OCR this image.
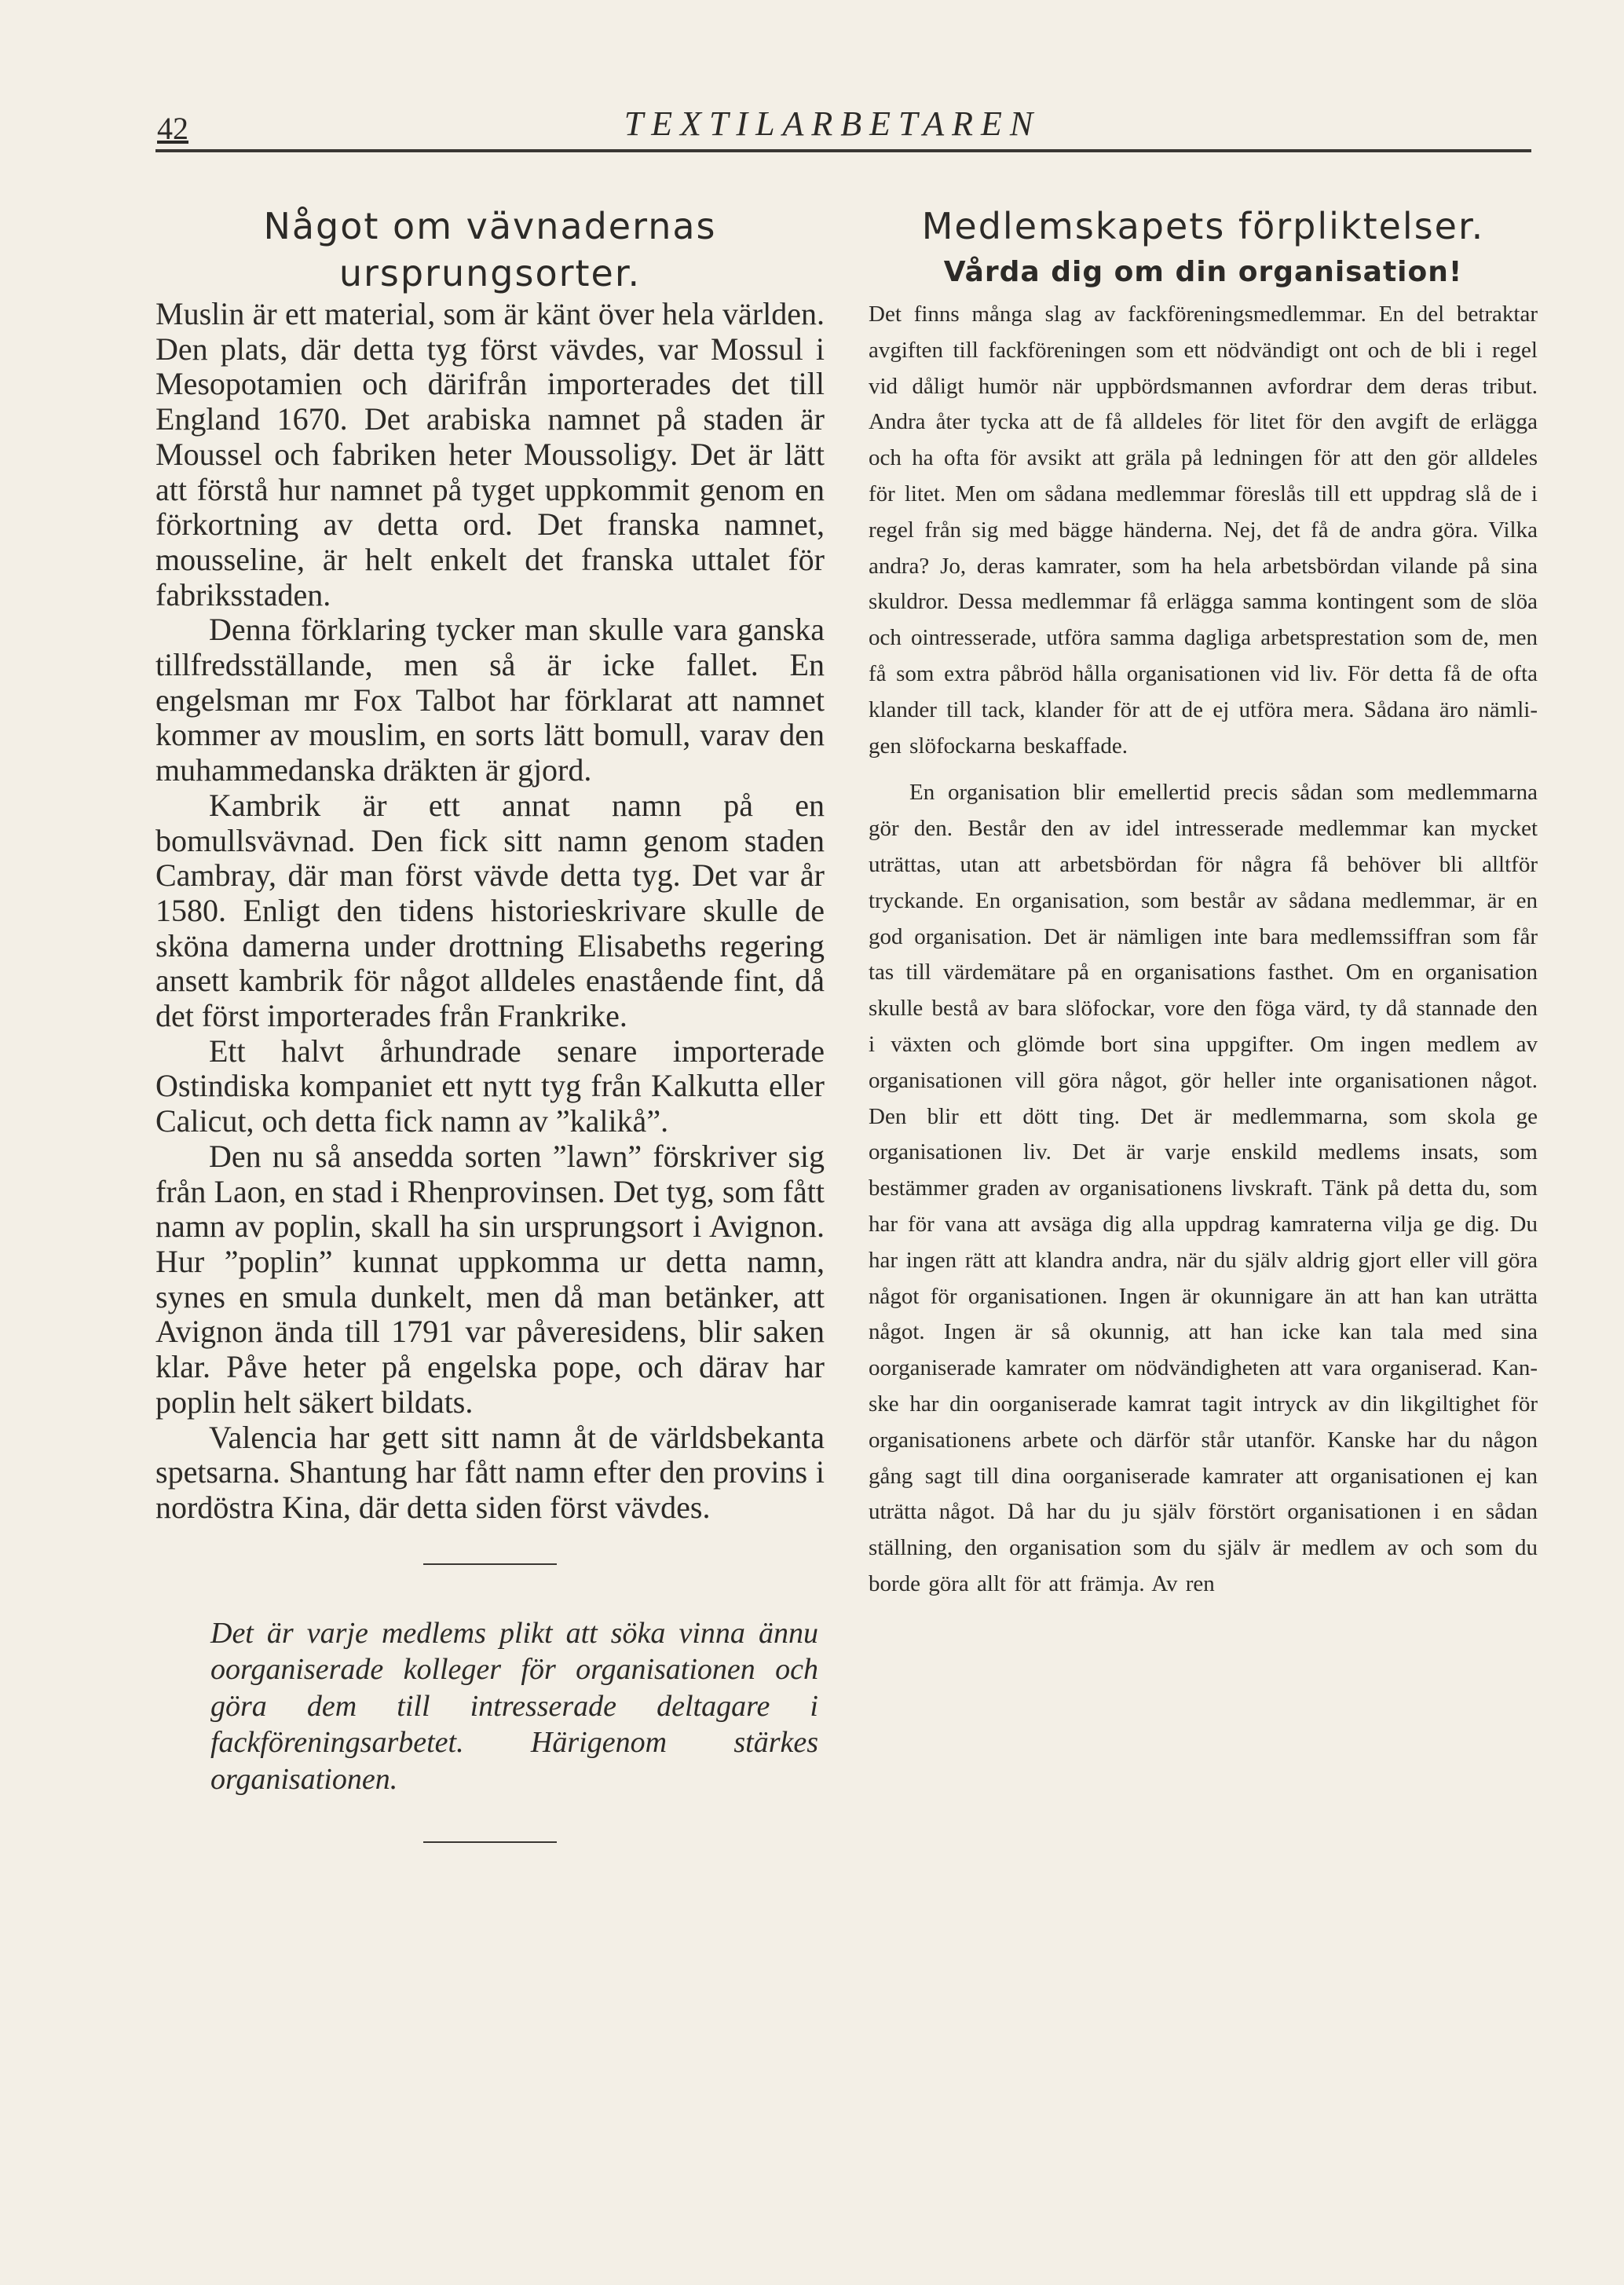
42	TEXTILARBETAREN
Något om vävnadernas ursprungsorter.

Muslin är ett material, som är känt över hela världen. Den plats, där detta tyg först vävdes, var Mossul i Mesopotamien och därifrån importerades det till England 1670. Det arabiska namnet på staden är Moussel och fabriken heter Moussoligy. Det är lätt att förstå hur namnet på tyget uppkommit genom en förkortning av detta ord. Det franska namnet, mousseline, är helt enkelt det franska uttalet för fabriksstaden.

Denna förklaring tycker man skulle vara ganska tillfredsställande, men så är icke fallet. En engelsman mr Fox Talbot har förklarat att namnet kommer av mouslim, en sorts lätt bomull, varav den muhammedanska dräkten är gjord.

Kambrik är ett annat namn på en bomullsvävnad. Den fick sitt namn genom staden Cambray, där man först vävde detta tyg. Det var år 1580. Enligt den tidens historieskrivare skulle de sköna damerna under drottning Elisabeths regering ansett kambrik för något alldeles enastående fint, då det först importerades från Frankrike.

Ett halvt århundrade senare importerade Ostindiska kompaniet ett nytt tyg från Kalkutta eller Calicut, och detta fick namn av ”kalikå”.

Den nu så ansedda sorten ”lawn” förskriver sig från Laon, en stad i Rhenprovinsen. Det tyg, som fått namn av poplin, skall ha sin ursprungsort i Avignon. Hur ”poplin” kunnat uppkomma ur detta namn, synes en smula dunkelt, men då man betänker, att Avignon ända till 1791 var påveresidens, blir saken klar. Påve heter på engelska pope, och därav har poplin helt säkert bildats.

Valencia har gett sitt namn åt de världsbekanta spetsarna. Shantung har fått namn efter den provins i nordöstra Kina, där detta siden först vävdes.

Det är varje medlems plikt att söka vinna ännu oorganiserade kolleger för organisationen och göra dem till intresserade deltagare i fackföreningsarbetet. Härigenom stärkes organisationen.

Medlemskapets förpliktelser.
Vårda dig om din organisation!

Det finns många slag av fackföreningsmedlemmar. En del betraktar avgiften till fackföreningen som ett nödvändigt ont och de bli i regel vid dåligt humör när uppbördsmannen avfordrar dem deras tribut. Andra åter tycka att de få alldeles för litet för den avgift de erlägga och ha ofta för avsikt att gräla på ledningen för att den gör alldeles för litet. Men om sådana medlemmar föreslås till ett uppdrag slå de i regel från sig med bägge händerna. Nej, det få de andra göra. Vilka andra? Jo, deras kamrater, som ha hela arbetsbördan vilande på sina skuldror. Dessa medlemmar få erlägga samma kontingent som de slöa och ointresserade, utföra samma dagliga arbetsprestation som de, men få som extra påbröd hålla organisationen vid liv. För detta få de ofta klander till tack, klander för att de ej utföra mera. Sådana äro nämligen slöfockarna beskaffade.

En organisation blir emellertid precis sådan som medlemmarna gör den. Består den av idel intresserade medlemmar kan mycket uträttas, utan att arbetsbördan för några få behöver bli alltför tryckande. En organisation, som består av sådana medlemmar, är en god organisation. Det är nämligen inte bara medlemssiffran som får tas till värdemätare på en organisations fasthet. Om en organisation skulle bestå av bara slöfockar, vore den föga värd, ty då stannade den i växten och glömde bort sina uppgifter. Om ingen medlem av organisationen vill göra något, gör heller inte organisationen något. Den blir ett dött ting. Det är medlemmarna, som skola ge organisationen liv. Det är varje enskild medlems insats, som bestämmer graden av organisationens livskraft. Tänk på detta du, som har för vana att avsäga dig alla uppdrag kamraterna vilja ge dig. Du har ingen rätt att klandra andra, när du själv aldrig gjort eller vill göra något för organisationen. Ingen är okunnigare än att han kan uträtta något. Ingen är så okunnig, att han icke kan tala med sina oorganiserade kamrater om nödvändigheten att vara organiserad. Kanske har din oorganiserade kamrat tagit intryck av din likgiltighet för organisationens arbete och därför står utanför. Kanske har du någon gång sagt till dina oorganiserade kamrater att organisationen ej kan uträtta något. Då har du ju själv förstört organisationen i en sådan ställning, den organisation som du själv är medlem av och som du borde göra allt för att främja. Av ren
